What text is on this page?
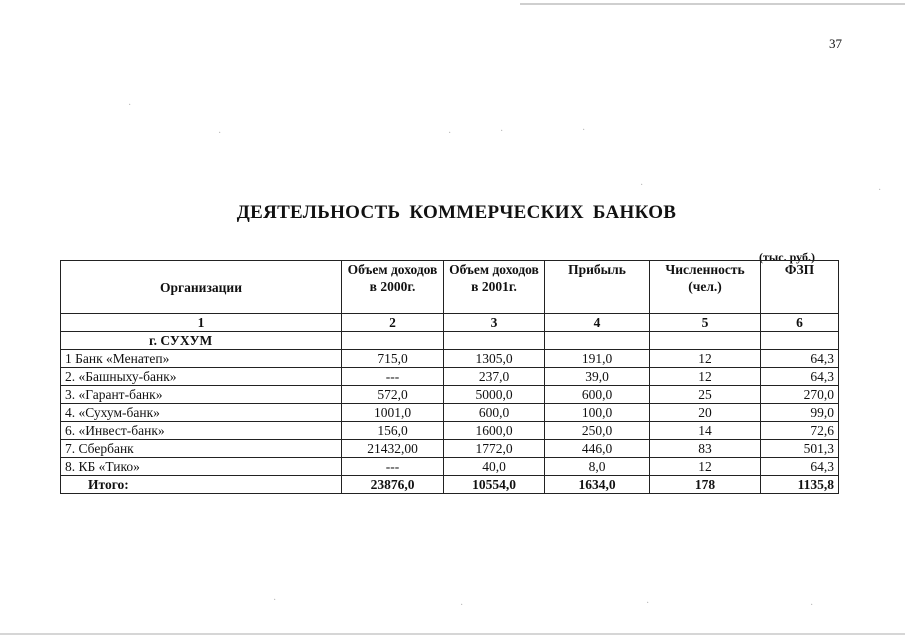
37
ДЕЯТЕЛЬНОСТЬ КОММЕРЧЕСКИХ БАНКОВ
(тыс. руб.)
Организации	Объем доходов в 2000г.	Объем доходов в 2001г.	Прибыль	Численность (чел.)	ФЗП
1	2	3	4	5	6
г. СУХУМ					
1 Банк «Менатеп»	715,0	1305,0	191,0	12	64,3
2. «Башныху-банк»	---	237,0	39,0	12	64,3
3. «Гарант-банк»	572,0	5000,0	600,0	25	270,0
4. «Сухум-банк»	1001,0	600,0	100,0	20	99,0
6. «Инвест-банк»	156,0	1600,0	250,0	14	72,6
7. Сбербанк	21432,00	1772,0	446,0	83	501,3
8. КБ «Тико»	---	40,0	8,0	12	64,3
Итого:	23876,0	10554,0	1634,0	178	1135,8
·
·	·	·	·
·	·
·	·	·	·
